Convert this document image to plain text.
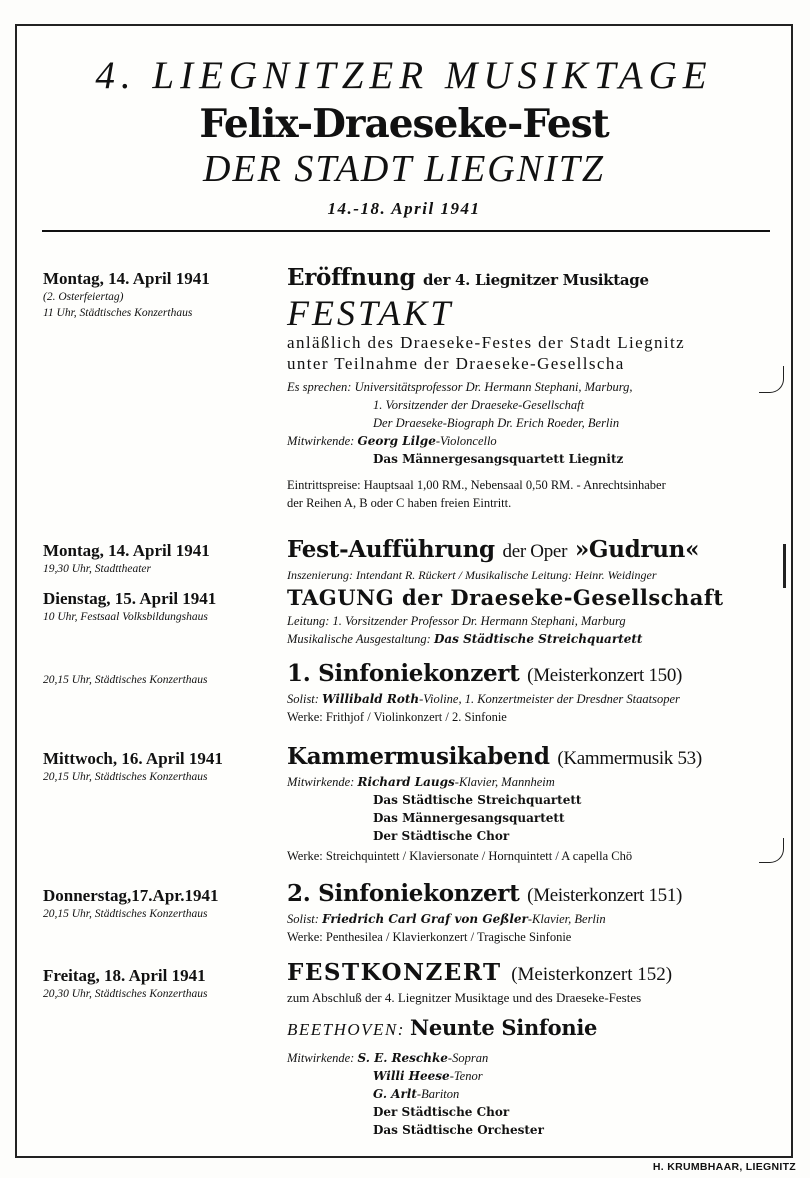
4. LIEGNITZER MUSIKTAGE
Felix-Draeseke-Fest
DER STADT LIEGNITZ
14.-18. April 1941
Montag, 14. April 1941
(2. Osterfeiertag)
11 Uhr, Städtisches Konzerthaus
Eröffnung der 4. Liegnitzer Musiktage
FESTAKT
anläßlich des Draeseke-Festes der Stadt Liegnitz
unter Teilnahme der Draeseke-Gesellscha
Es sprechen: Universitätsprofessor Dr. Hermann Stephani, Marburg,
1. Vorsitzender der Draeseke-Gesellschaft
Der Draeseke-Biograph Dr. Erich Roeder, Berlin
Mitwirkende: Georg Lilge-Violoncello
Das Männergesangsquartett Liegnitz
Eintrittspreise: Hauptsaal 1,00 RM., Nebensaal 0,50 RM. - Anrechtsinhaber
der Reihen A, B oder C haben freien Eintritt.
Montag, 14. April 1941
19,30 Uhr, Stadttheater
Fest-Aufführung der Oper »Gudrun«
Inszenierung: Intendant R. Rückert / Musikalische Leitung: Heinr. Weidinger
Dienstag, 15. April 1941
10 Uhr, Festsaal Volksbildungshaus
TAGUNG der Draeseke-Gesellschaft
Leitung: 1. Vorsitzender Professor Dr. Hermann Stephani, Marburg
Musikalische Ausgestaltung: Das Städtische Streichquartett
20,15 Uhr, Städtisches Konzerthaus	1. Sinfoniekonzert (Meisterkonzert 150)
Solist: Willibald Roth-Violine, 1. Konzertmeister der Dresdner Staatsoper
Werke: Frithjof / Violinkonzert / 2. Sinfonie
Mittwoch, 16. April 1941
20,15 Uhr, Städtisches Konzerthaus
Kammermusikabend (Kammermusik 53)
Mitwirkende: Richard Laugs-Klavier, Mannheim
Das Städtische Streichquartett
Das Männergesangsquartett
Der Städtische Chor
Werke: Streichquintett / Klaviersonate / Hornquintett / A capella Chö
Donnerstag,17.Apr.1941
20,15 Uhr, Städtisches Konzerthaus
2. Sinfoniekonzert (Meisterkonzert 151)
Solist: Friedrich Carl Graf von Geßler-Klavier, Berlin
Werke: Penthesilea / Klavierkonzert / Tragische Sinfonie
Freitag, 18. April 1941
20,30 Uhr, Städtisches Konzerthaus
FESTKONZERT (Meisterkonzert 152)
zum Abschluß der 4. Liegnitzer Musiktage und des Draeseke-Festes
BEETHOVEN: Neunte Sinfonie
Mitwirkende: S. E. Reschke-Sopran
Willi Heese-Tenor
G. Arlt-Bariton
Der Städtische Chor
Das Städtische Orchester
H. KRUMBHAAR, LIEGNITZ
